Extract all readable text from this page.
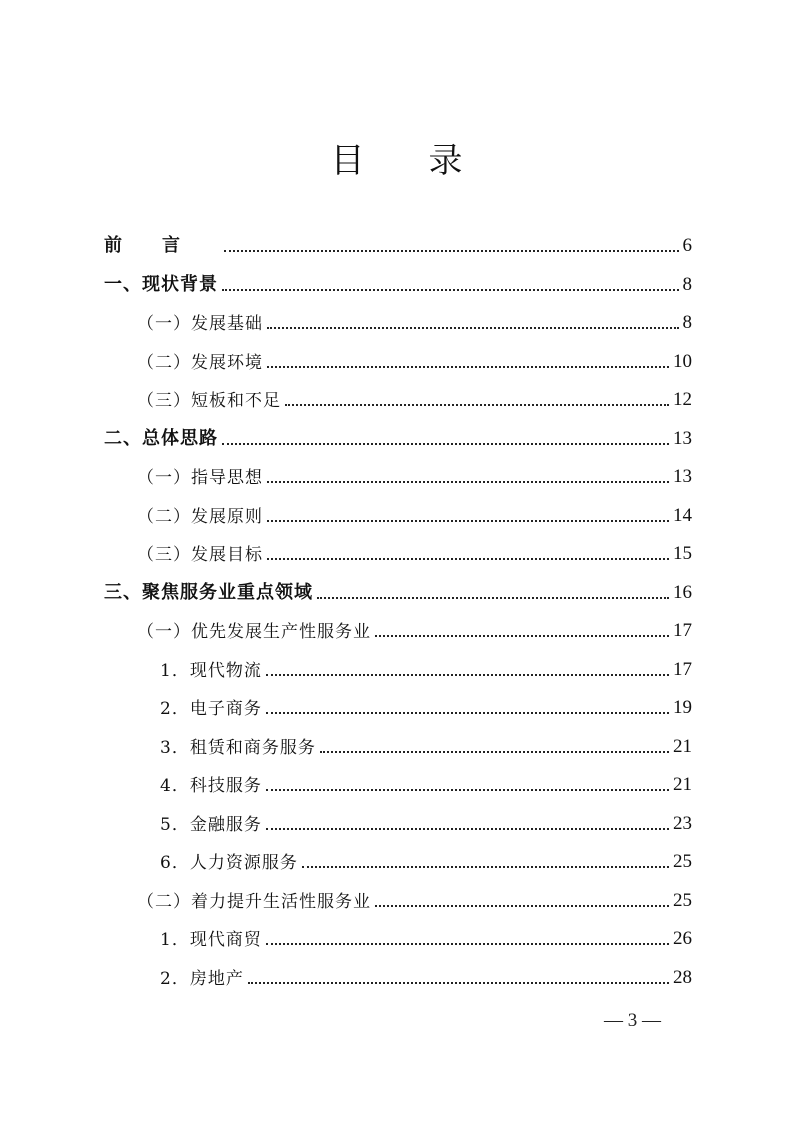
目 录
前言	6
一、现状背景	8
（一）发展基础	8
（二）发展环境	10
（三）短板和不足	12
二、总体思路	13
（一）指导思想	13
（二）发展原则	14
（三）发展目标	15
三、聚焦服务业重点领域	16
（一）优先发展生产性服务业	17
1．现代物流	17
2．电子商务	19
3．租赁和商务服务	21
4．科技服务	21
5．金融服务	23
6．人力资源服务	25
（二）着力提升生活性服务业	25
1．现代商贸	26
2．房地产	28
— 3 —
